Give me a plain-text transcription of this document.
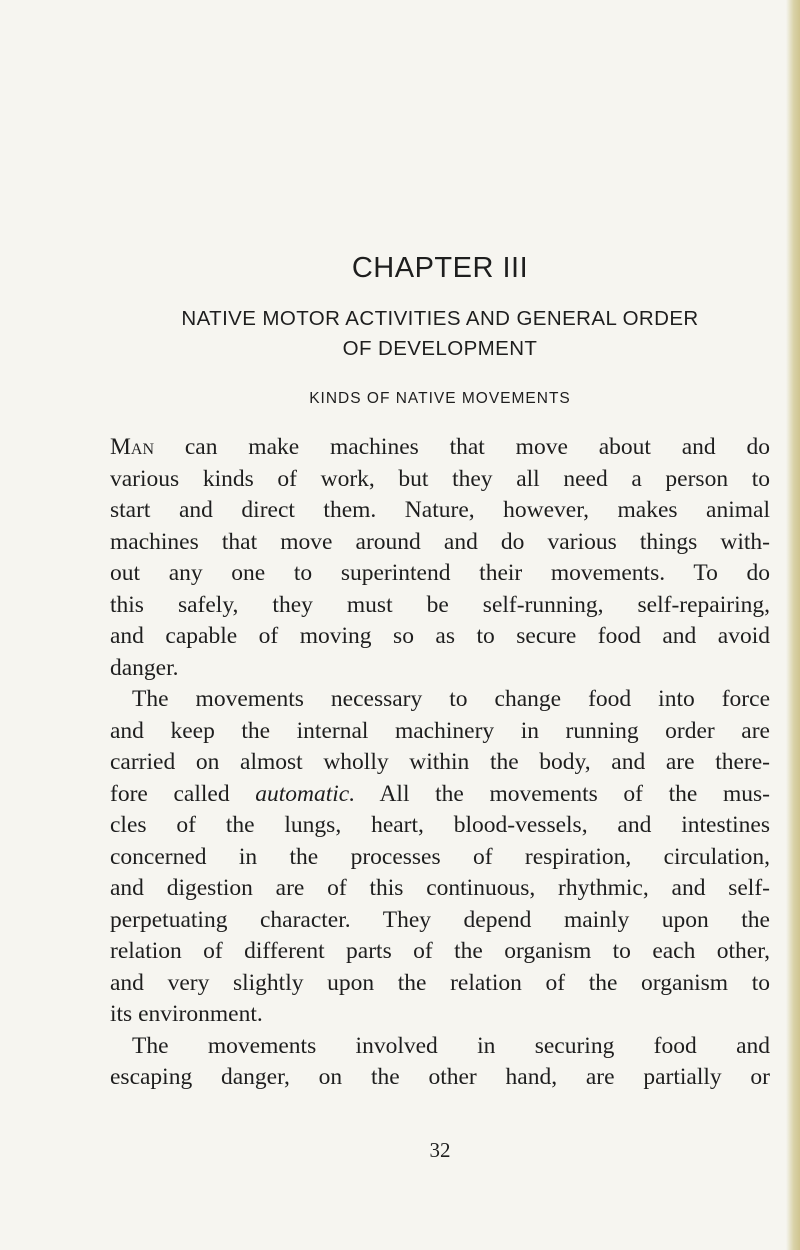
CHAPTER III
NATIVE MOTOR ACTIVITIES AND GENERAL ORDER
OF DEVELOPMENT
KINDS OF NATIVE MOVEMENTS
Man can make machines that move about and do
various kinds of work, but they all need a person to
start and direct them. Nature, however, makes animal
machines that move around and do various things with-
out any one to superintend their movements. To do
this safely, they must be self-running, self-repairing,
and capable of moving so as to secure food and avoid
danger.
The movements necessary to change food into force
and keep the internal machinery in running order are
carried on almost wholly within the body, and are there-
fore called automatic. All the movements of the mus-
cles of the lungs, heart, blood-vessels, and intestines
concerned in the processes of respiration, circulation,
and digestion are of this continuous, rhythmic, and self-
perpetuating character. They depend mainly upon the
relation of different parts of the organism to each other,
and very slightly upon the relation of the organism to
its environment.
The movements involved in securing food and
escaping danger, on the other hand, are partially or
32
